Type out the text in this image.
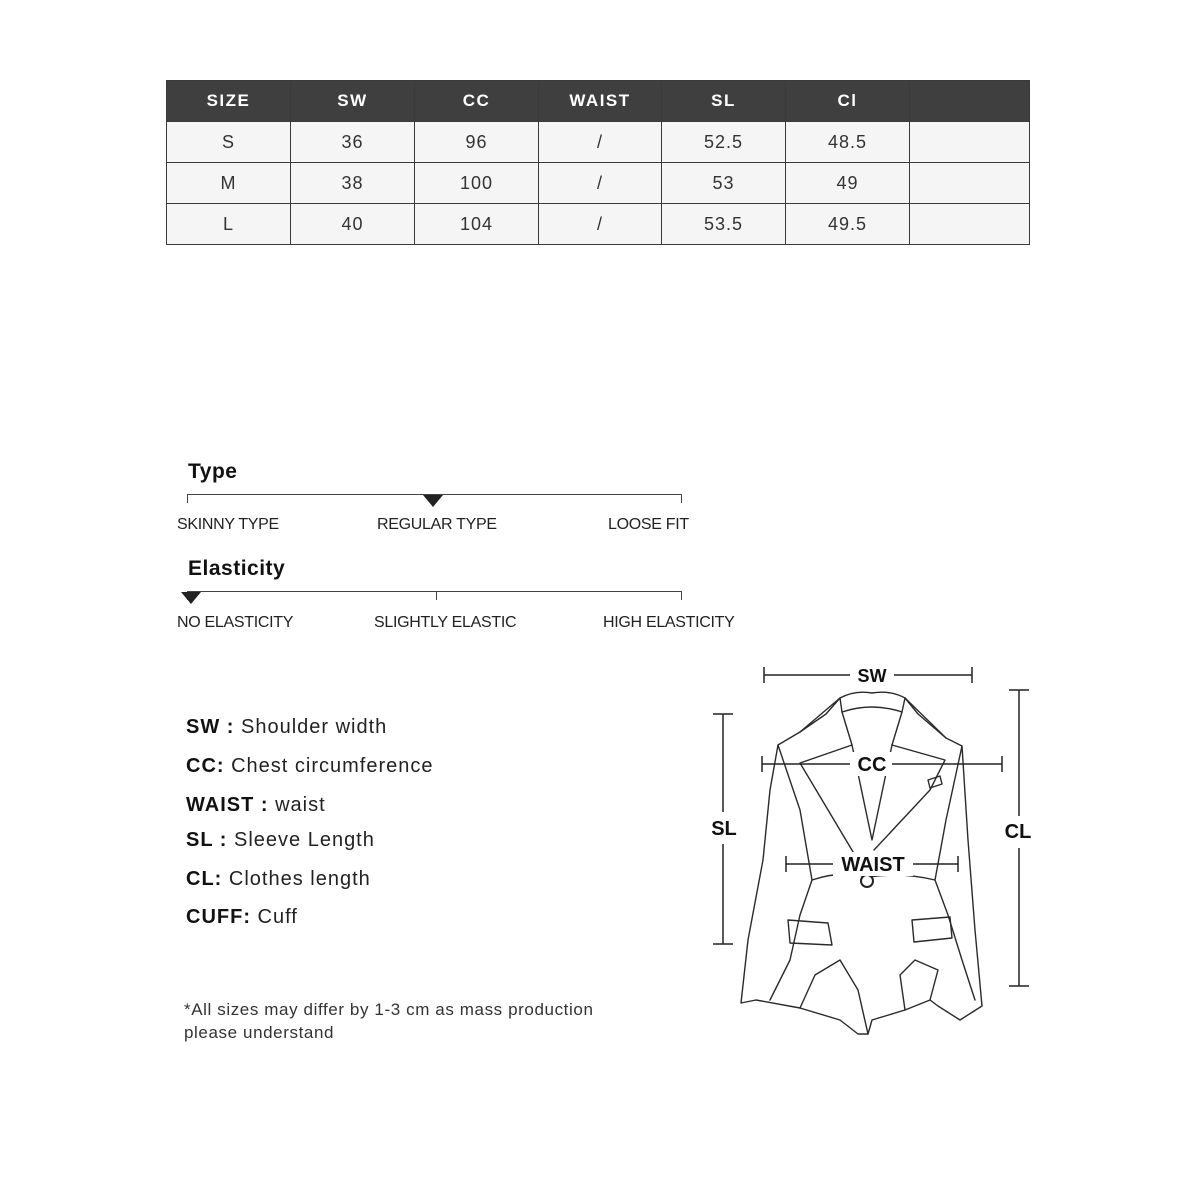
SIZE	SW	CC	WAIST	SL	Cl	
S	36	96	/	52.5	48.5	
M	38	100	/	53	49	
L	40	104	/	53.5	49.5	
Type
SKINNY TYPE	REGULAR TYPE	LOOSE FIT
Elasticity
NO ELASTICITY	SLIGHTLY ELASTIC	HIGH ELASTICITY
SW : Shoulder width
CC: Chest circumference
WAIST : waist
SL : Sleeve Length
CL: Clothes length
CUFF: Cuff
*All sizes may differ by 1-3 cm as mass production
please understand
SW
CC
WAIST
SL	CL
